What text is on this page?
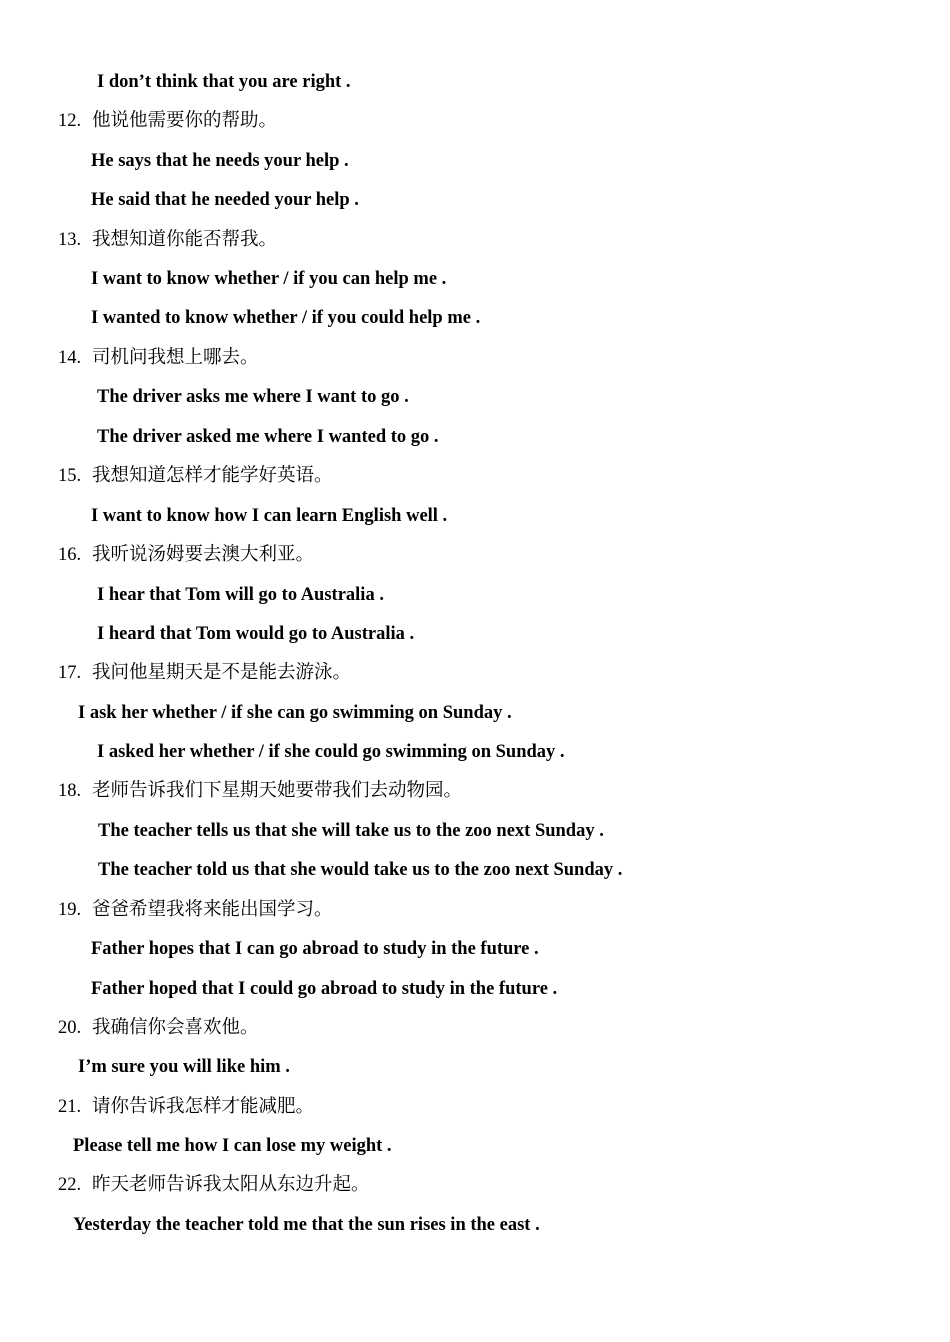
I don’t think that you are right .
12. 他说他需要你的帮助。
He says that he needs your help .
He said that he needed your help .
13. 我想知道你能否帮我。
I want to know whether / if you can help me .
I wanted to know whether / if you could help me .
14. 司机问我想上哪去。
The driver asks me where I want to go .
The driver asked me where I wanted to go .
15. 我想知道怎样才能学好英语。
I want to know how I can learn English well .
16. 我听说汤姆要去澳大利亚。
I hear that Tom will go to Australia .
I heard that Tom would go to Australia .
17. 我问他星期天是不是能去游泳。
I ask her whether / if she can go swimming on Sunday .
I asked her whether / if she could go swimming on Sunday .
18. 老师告诉我们下星期天她要带我们去动物园。
The teacher tells us that she will take us to the zoo next Sunday .
The teacher told us that she would take us to the zoo next Sunday .
19. 爸爸希望我将来能出国学习。
Father hopes that I can go abroad to study in the future .
Father hoped that I could go abroad to study in the future .
20. 我确信你会喜欢他。
I’m sure you will like him .
21. 请你告诉我怎样才能减肥。
Please tell me how I can lose my weight .
22. 昨天老师告诉我太阳从东边升起。
Yesterday the teacher told me that the sun rises in the east .
